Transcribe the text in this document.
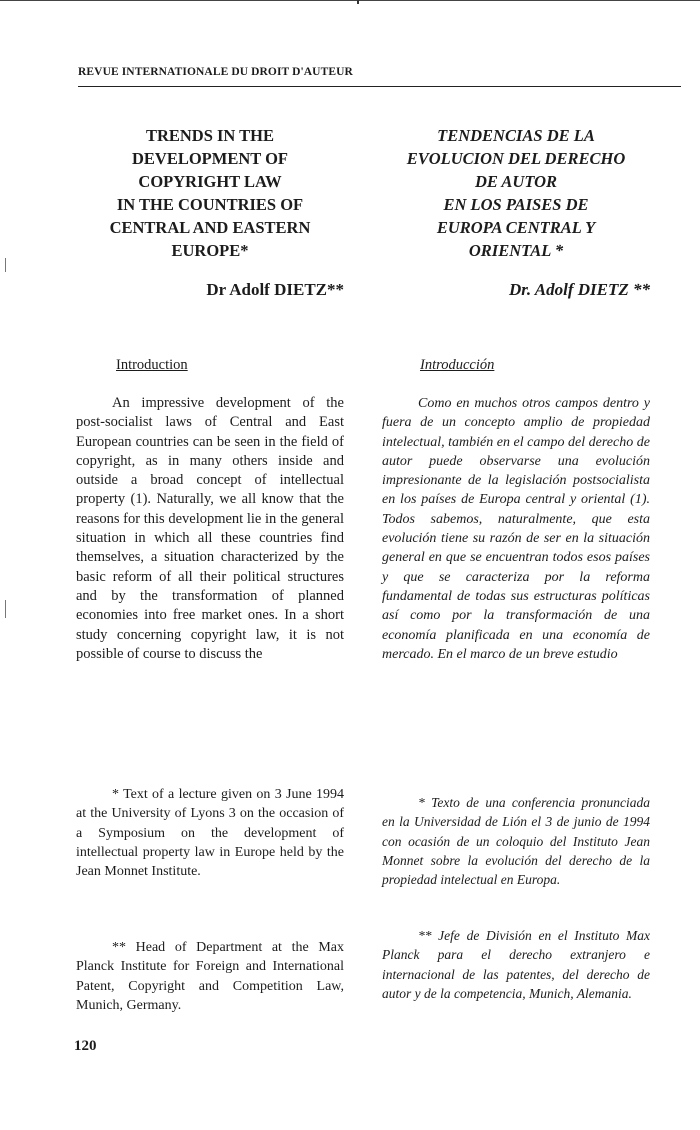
REVUE INTERNATIONALE DU DROIT D'AUTEUR
TRENDS IN THE
DEVELOPMENT OF
COPYRIGHT LAW
IN THE COUNTRIES OF
CENTRAL AND EASTERN
EUROPE*
Dr Adolf DIETZ**
Introduction

An impressive development of the post-socialist laws of Central and East European countries can be seen in the field of copyright, as in many others inside and outside a broad concept of intellectual property (1). Naturally, we all know that the reasons for this development lie in the general situation in which all these countries find themselves, a situation characterized by the basic reform of all their political structures and by the transformation of planned economies into free market ones. In a short study concerning copyright law, it is not possible of course to discuss the

* Text of a lecture given on 3 June 1994 at the University of Lyons 3 on the occasion of a Symposium on the development of intellectual property law in Europe held by the Jean Monnet Institute.

** Head of Department at the Max Planck Institute for Foreign and International Patent, Copyright and Competition Law, Munich, Germany.

TENDENCIAS DE LA
EVOLUCION DEL DERECHO
DE AUTOR
EN LOS PAISES DE
EUROPA CENTRAL Y
ORIENTAL *
Dr. Adolf DIETZ **
Introducción

Como en muchos otros campos dentro y fuera de un concepto amplio de propiedad intelectual, también en el campo del derecho de autor puede observarse una evolución impresionante de la legislación postsocialista en los países de Europa central y oriental (1). Todos sabemos, naturalmente, que esta evolución tiene su razón de ser en la situación general en que se encuentran todos esos países y que se caracteriza por la reforma fundamental de todas sus estructuras políticas así como por la transformación de una economía planificada en una economía de mercado. En el marco de un breve estudio

* Texto de una conferencia pronunciada en la Universidad de Lión el 3 de junio de 1994 con ocasión de un coloquio del Instituto Jean Monnet sobre la evolución del derecho de la propiedad intelectual en Europa.

** Jefe de División en el Instituto Max Planck para el derecho extranjero e internacional de las patentes, del derecho de autor y de la competencia, Munich, Alemania.

120
